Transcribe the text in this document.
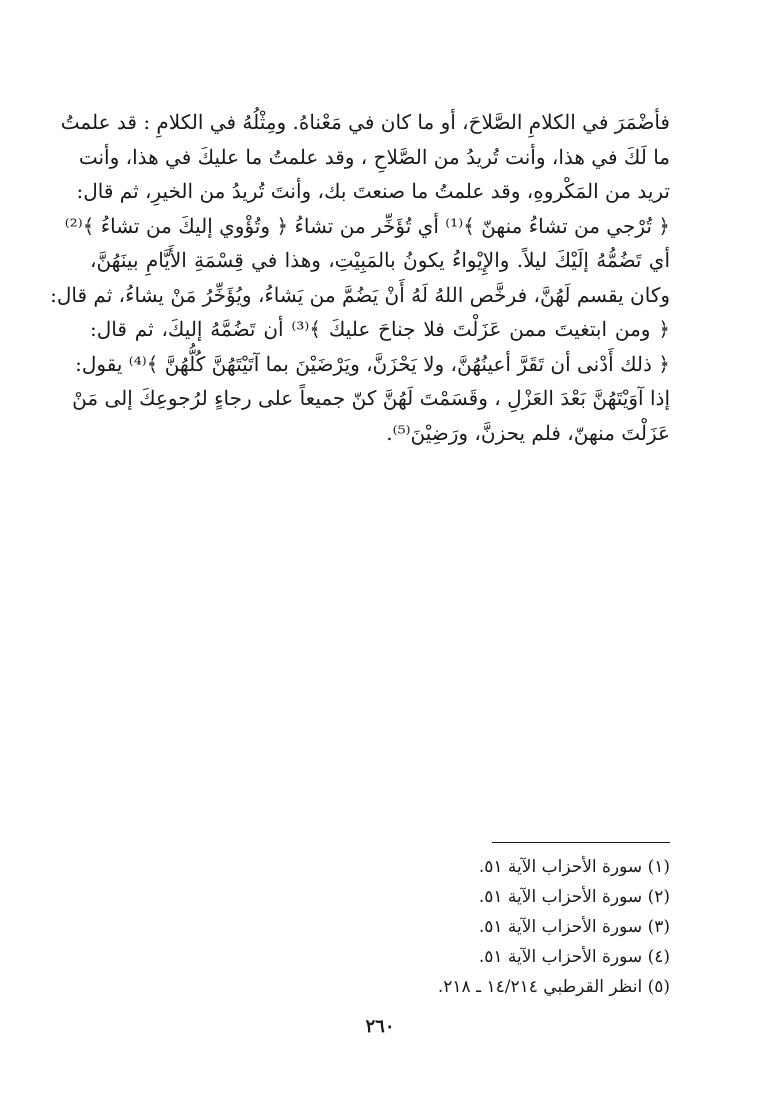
فأضْمَرَ في الكلامِ الصَّلاحَ، أو ما كان في مَعْناهُ. ومِثْلُهُ في الكلامِ : قد علمتُ
ما لَكَ في هذا، وأنت تُريدُ من الصَّلاحِ ، وقد علمتُ ما عليكَ في هذا، وأنت
تريد من المَكْروهِ، وقد علمتُ ما صنعتَ بك، وأنتَ تُريدُ من الخيرِ، ثم قال:
﴿ تُرْجي من تشاءُ منهنّ ﴾⁽¹⁾ أي تُؤَخِّر من تشاءُ ﴿ وتُؤْوي إليكَ من تشاءُ ﴾⁽²⁾
أي تَضُمُّهُ إلَيْكَ ليلاً. والإِيْواءُ يكونُ بالمَبِيْتِ، وهذا في قِسْمَةِ الأَيَّامِ بينَهُنَّ،
وكان يقسم لَهُنَّ، فرخَّص اللهُ لَهُ أَنْ يَضُمَّ من يَشاءُ، ويُؤَخِّرُ مَنْ يشاءُ، ثم قال:
﴿ ومن ابتغيتَ ممن عَزَلْتَ فلا جناحَ عليكَ ﴾⁽³⁾ أن تَضُمَّهُ إليكَ، ثم قال:
﴿ ذلك أَدْنى أن تَقَرَّ أعينُهُنَّ، ولا يَحْزَنَّ، ويَرْضَيْنَ بما آتَيْتَهُنَّ كُلُّهُنَّ ﴾⁽⁴⁾ يقول:
إذا آوَيْتَهُنَّ بَعْدَ العَزْلِ ، وقَسَمْتَ لَهُنَّ كنّ جميعاً على رجاءٍ لرُجوعِكَ إلى مَنْ
عَزَلْتَ منهنّ، فلم يحزنَّ، ورَضِيْنَ⁽⁵⁾.
(١) سورة الأحزاب الآية ٥١.
(٢) سورة الأحزاب الآية ٥١.
(٣) سورة الأحزاب الآية ٥١.
(٤) سورة الأحزاب الآية ٥١.
(٥) انظر القرطبي ١٤/٢١٤ ـ ٢١٨.
٢٦٠
